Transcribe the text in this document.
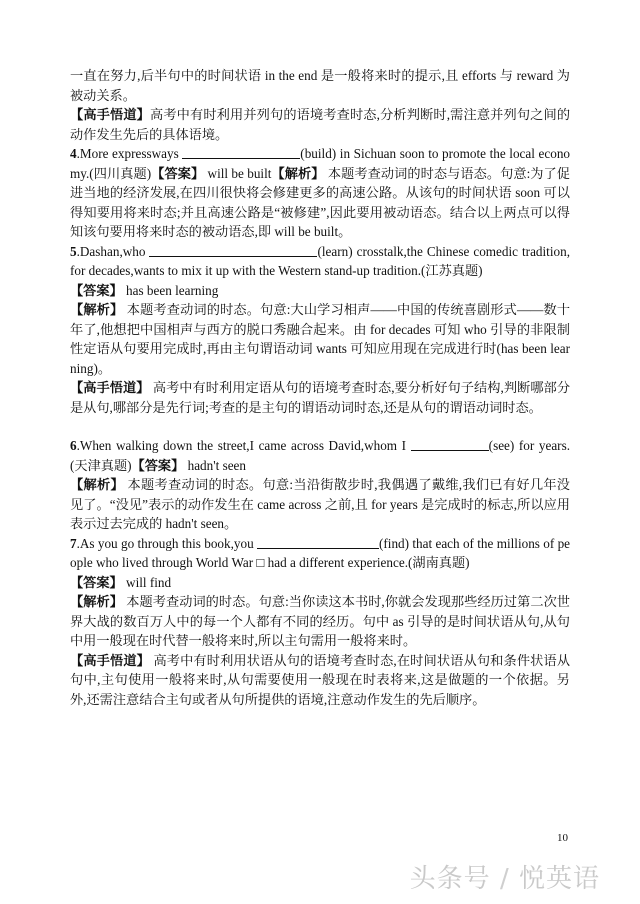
一直在努力,后半句中的时间状语 in the end 是一般将来时的提示,且 efforts 与 reward 为被动关系。

【高手悟道】高考中有时利用并列句的语境考查时态,分析判断时,需注意并列句之间的动作发生先后的具体语境。

4.More expressways	(build) in Sichuan soon to promote the local economy.(四川真题)【答案】 will be built【解析】 本题考查动词的时态与语态。句意:为了促进当地的经济发展,在四川很快将会修建更多的高速公路。从该句的时间状语 soon 可以得知要用将来时态;并且高速公路是“被修建”,因此要用被动语态。结合以上两点可以得知该句要用将来时态的被动语态,即 will be built。

5.Dashan,who	(learn) crosstalk,the Chinese comedic tradition,for decades,wants to mix it up with the Western stand-up tradition.(江苏真题)

【答案】 has been learning

【解析】 本题考查动词的时态。句意:大山学习相声——中国的传统喜剧形式——数十年了,他想把中国相声与西方的脱口秀融合起来。由 for decades 可知 who 引导的非限制性定语从句要用完成时,再由主句谓语动词 wants 可知应用现在完成进行时(has been learning)。

【高手悟道】 高考中有时利用定语从句的语境考查时态,要分析好句子结构,判断哪部分是从句,哪部分是先行词;考查的是主句的谓语动词时态,还是从句的谓语动词时态。

6.When walking down the street,I came across David,whom I	(see) for years.(天津真题)【答案】 hadn't seen

【解析】 本题考查动词的时态。句意:当沿街散步时,我偶遇了戴维,我们已有好几年没见了。“没见”表示的动作发生在 came across 之前,且 for years 是完成时的标志,所以应用表示过去完成的 hadn't seen。

7.As you go through this book,you	(find) that each of the millions of people who lived through World War □ had a different experience.(湖南真题)

【答案】 will find

【解析】 本题考查动词的时态。句意:当你读这本书时,你就会发现那些经历过第二次世界大战的数百万人中的每一个人都有不同的经历。句中 as 引导的是时间状语从句,从句中用一般现在时代替一般将来时,所以主句需用一般将来时。

【高手悟道】 高考中有时利用状语从句的语境考查时态,在时间状语从句和条件状语从句中,主句使用一般将来时,从句需要使用一般现在时表将来,这是做题的一个依据。另外,还需注意结合主句或者从句所提供的语境,注意动作发生的先后顺序。

10
头条号 / 悦英语
